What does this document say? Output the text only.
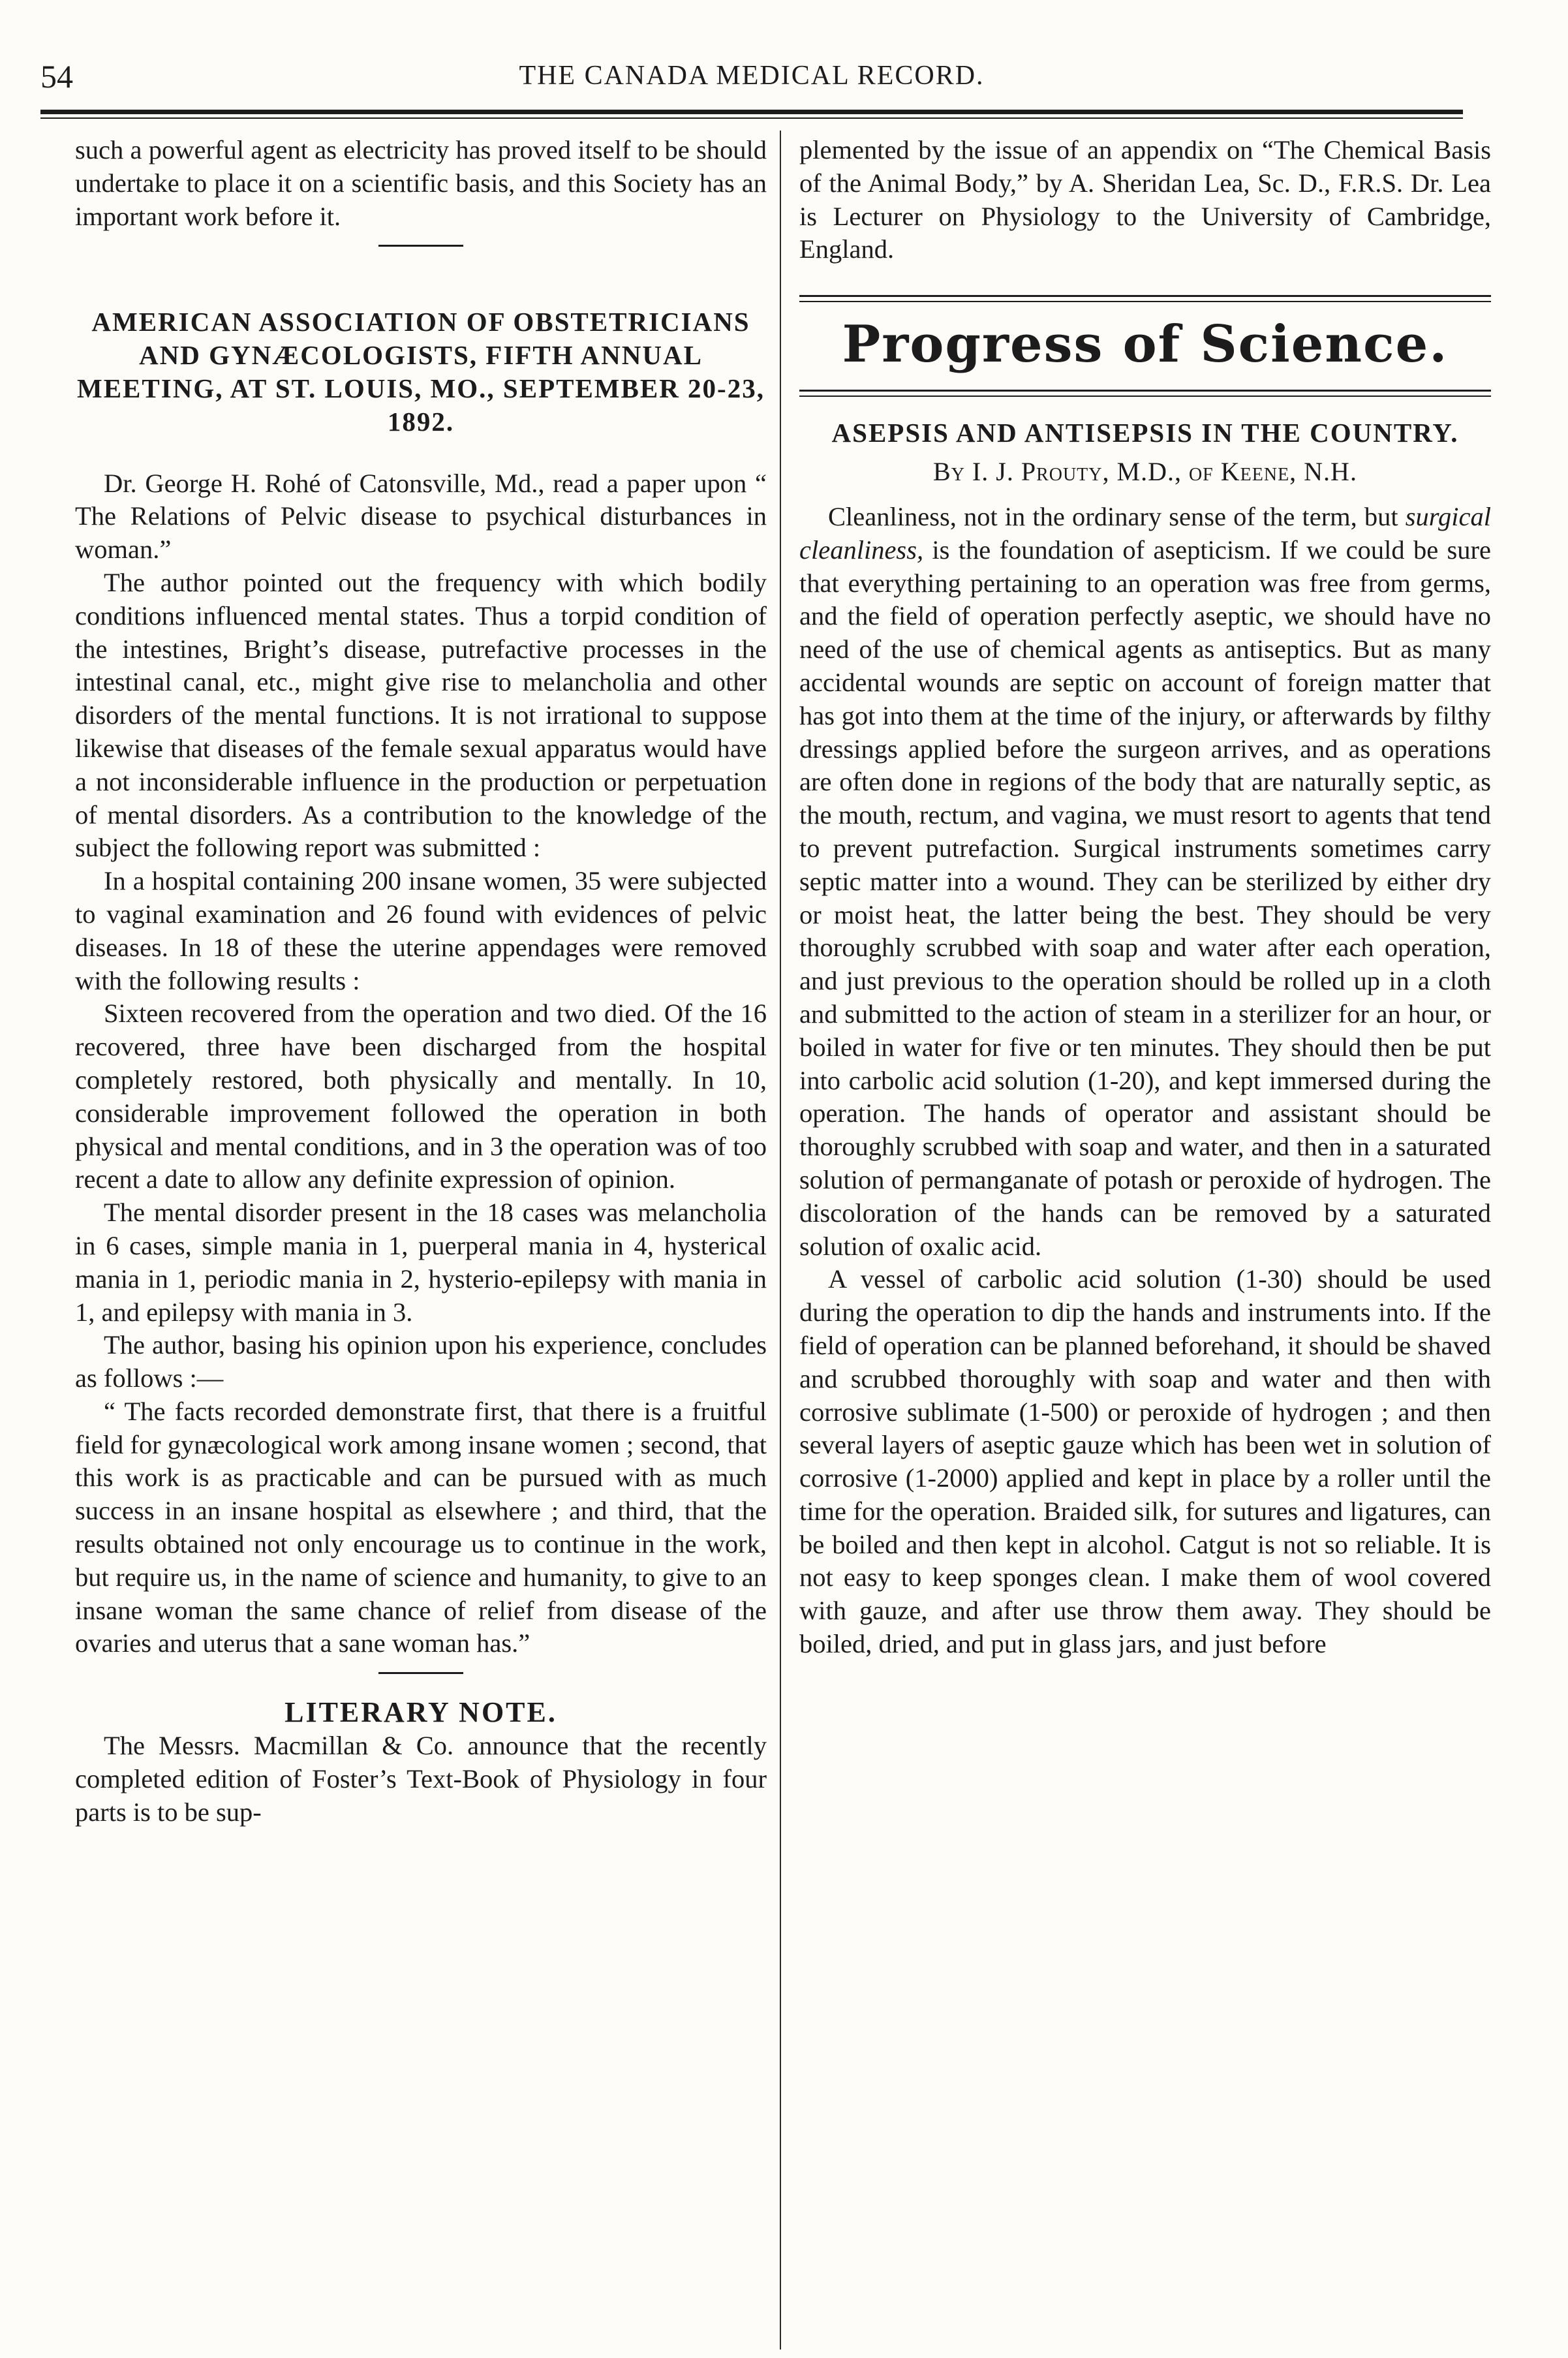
54	THE CANADA MEDICAL RECORD.

such a powerful agent as electricity has proved itself to be should undertake to place it on a scientific basis, and this Society has an important work before it.

AMERICAN ASSOCIATION OF OBSTETRICIANS AND GYNÆCOLOGISTS, FIFTH ANNUAL MEETING, AT ST. LOUIS, MO., SEPTEMBER 20-23, 1892.

Dr. George H. Rohé of Catonsville, Md., read a paper upon “ The Relations of Pelvic disease to psychical disturbances in woman.”

The author pointed out the frequency with which bodily conditions influenced mental states. Thus a torpid condition of the intestines, Bright’s disease, putrefactive processes in the intestinal canal, etc., might give rise to melancholia and other disorders of the mental functions. It is not irrational to suppose likewise that diseases of the female sexual apparatus would have a not inconsiderable influence in the production or perpetuation of mental disorders. As a contribution to the knowledge of the subject the following report was submitted :

In a hospital containing 200 insane women, 35 were subjected to vaginal examination and 26 found with evidences of pelvic diseases. In 18 of these the uterine appendages were removed with the following results :

Sixteen recovered from the operation and two died. Of the 16 recovered, three have been discharged from the hospital completely restored, both physically and mentally. In 10, considerable improvement followed the operation in both physical and mental conditions, and in 3 the operation was of too recent a date to allow any definite expression of opinion.

The mental disorder present in the 18 cases was melancholia in 6 cases, simple mania in 1, puerperal mania in 4, hysterical mania in 1, periodic mania in 2, hysterio-epilepsy with mania in 1, and epilepsy with mania in 3.

The author, basing his opinion upon his experience, concludes as follows :—

“ The facts recorded demonstrate first, that there is a fruitful field for gynæcological work among insane women ; second, that this work is as practicable and can be pursued with as much success in an insane hospital as elsewhere ; and third, that the results obtained not only encourage us to continue in the work, but require us, in the name of science and humanity, to give to an insane woman the same chance of relief from disease of the ovaries and uterus that a sane woman has.”

LITERARY NOTE.

The Messrs. Macmillan & Co. announce that the recently completed edition of Foster’s Text-Book of Physiology in four parts is to be sup-

plemented by the issue of an appendix on “The Chemical Basis of the Animal Body,” by A. Sheridan Lea, Sc. D., F.R.S. Dr. Lea is Lecturer on Physiology to the University of Cambridge, England.

Progress of Science.
ASEPSIS AND ANTISEPSIS IN THE COUNTRY.
By I. J. Prouty, M.D., of Keene, N.H.

Cleanliness, not in the ordinary sense of the term, but surgical cleanliness, is the foundation of asepticism. If we could be sure that everything pertaining to an operation was free from germs, and the field of operation perfectly aseptic, we should have no need of the use of chemical agents as antiseptics. But as many accidental wounds are septic on account of foreign matter that has got into them at the time of the injury, or afterwards by filthy dressings applied before the surgeon arrives, and as operations are often done in regions of the body that are naturally septic, as the mouth, rectum, and vagina, we must resort to agents that tend to prevent putrefaction. Surgical instruments sometimes carry septic matter into a wound. They can be sterilized by either dry or moist heat, the latter being the best. They should be very thoroughly scrubbed with soap and water after each operation, and just previous to the operation should be rolled up in a cloth and submitted to the action of steam in a sterilizer for an hour, or boiled in water for five or ten minutes. They should then be put into carbolic acid solution (1-20), and kept immersed during the operation. The hands of operator and assistant should be thoroughly scrubbed with soap and water, and then in a saturated solution of permanganate of potash or peroxide of hydrogen. The discoloration of the hands can be removed by a saturated solution of oxalic acid.

A vessel of carbolic acid solution (1-30) should be used during the operation to dip the hands and instruments into. If the field of operation can be planned beforehand, it should be shaved and scrubbed thoroughly with soap and water and then with corrosive sublimate (1-500) or peroxide of hydrogen ; and then several layers of aseptic gauze which has been wet in solution of corrosive (1-2000) applied and kept in place by a roller until the time for the operation. Braided silk, for sutures and ligatures, can be boiled and then kept in alcohol. Catgut is not so reliable. It is not easy to keep sponges clean. I make them of wool covered with gauze, and after use throw them away. They should be boiled, dried, and put in glass jars, and just before
